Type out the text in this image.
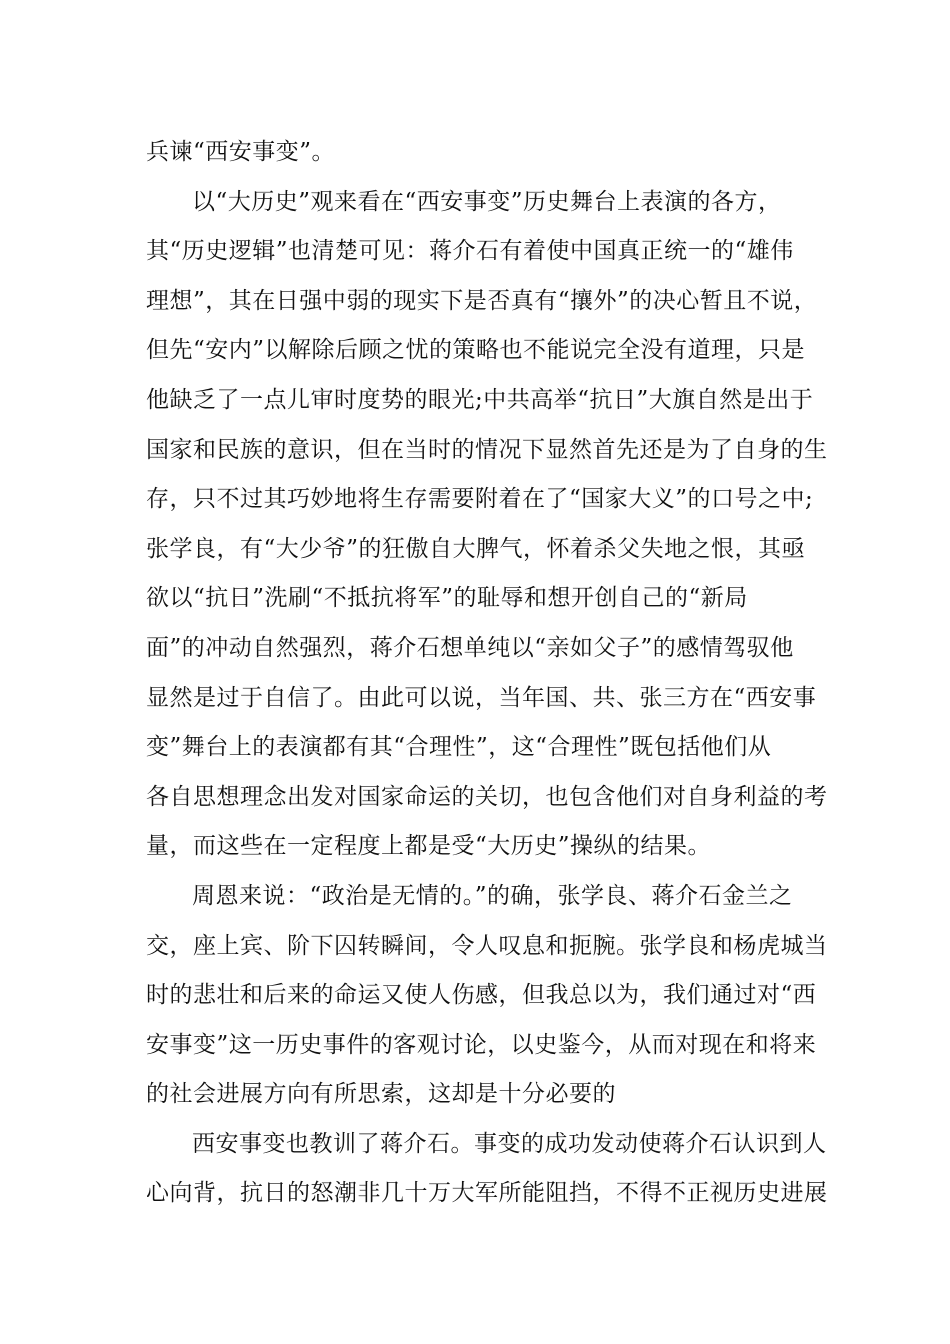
兵谏“西安事变”。
以“大历史”观来看在“西安事变”历史舞台上表演的各方，
其“历史逻辑”也清楚可见：蒋介石有着使中国真正统一的“雄伟
理想”，其在日强中弱的现实下是否真有“攘外”的决心暂且不说，
但先“安内”以解除后顾之忧的策略也不能说完全没有道理，只是
他缺乏了一点儿审时度势的眼光;中共高举“抗日”大旗自然是出于
国家和民族的意识，但在当时的情况下显然首先还是为了自身的生
存，只不过其巧妙地将生存需要附着在了“国家大义”的口号之中;
张学良，有“大少爷”的狂傲自大脾气，怀着杀父失地之恨，其亟
欲以“抗日”洗刷“不抵抗将军”的耻辱和想开创自己的“新局
面”的冲动自然强烈，蒋介石想单纯以“亲如父子”的感情驾驭他
显然是过于自信了。由此可以说，当年国、共、张三方在“西安事
变”舞台上的表演都有其“合理性”，这“合理性”既包括他们从
各自思想理念出发对国家命运的关切，也包含他们对自身利益的考
量，而这些在一定程度上都是受“大历史”操纵的结果。
周恩来说：“政治是无情的。”的确，张学良、蒋介石金兰之
交，座上宾、阶下囚转瞬间，令人叹息和扼腕。张学良和杨虎城当
时的悲壮和后来的命运又使人伤感，但我总以为，我们通过对“西
安事变”这一历史事件的客观讨论，以史鉴今，从而对现在和将来
的社会进展方向有所思索，这却是十分必要的
西安事变也教训了蒋介石。事变的成功发动使蒋介石认识到人
心向背，抗日的怒潮非几十万大军所能阻挡，不得不正视历史进展
